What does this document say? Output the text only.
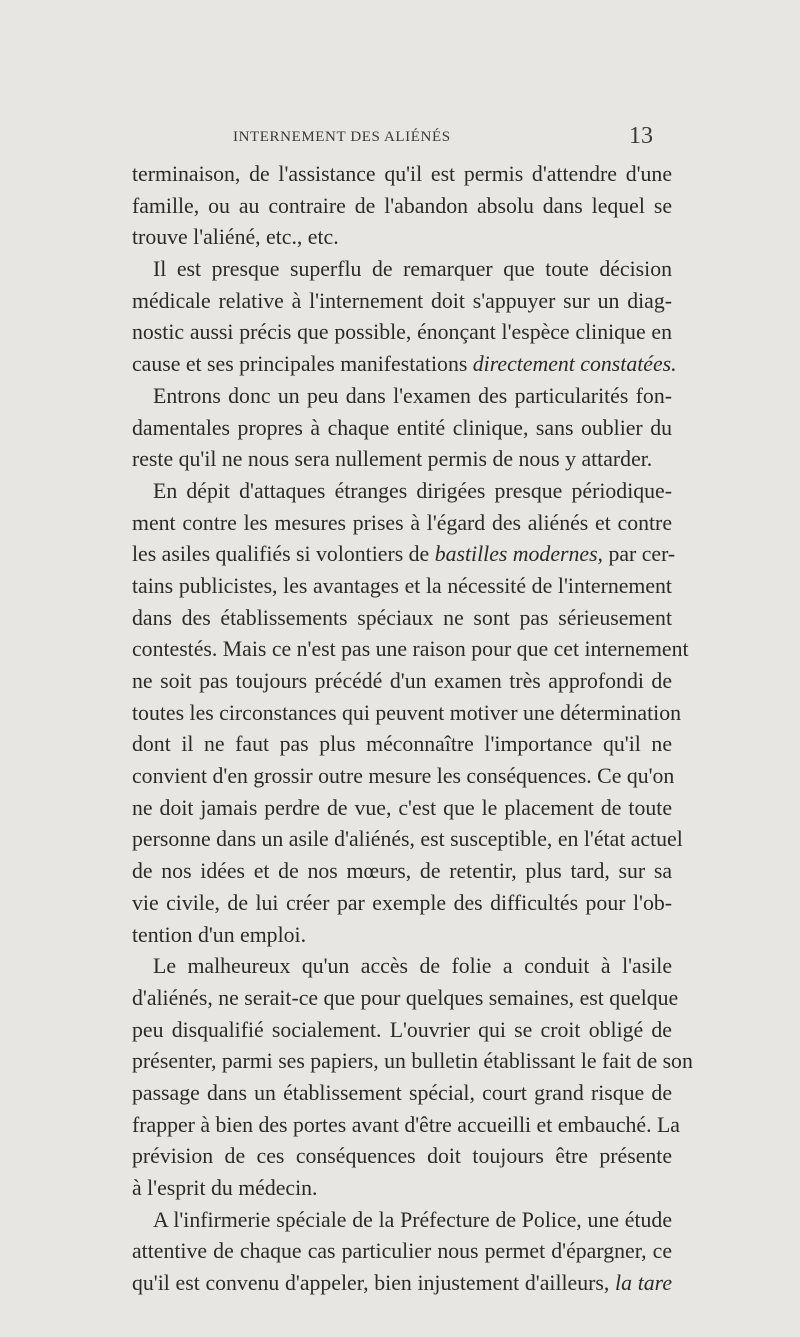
INTERNEMENT DES ALIÉNÉS	13
terminaison, de l'assistance qu'il est permis d'attendre d'une
famille, ou au contraire de l'abandon absolu dans lequel se
trouve l'aliéné, etc., etc.
Il est presque superflu de remarquer que toute décision
médicale relative à l'internement doit s'appuyer sur un diag-
nostic aussi précis que possible, énonçant l'espèce clinique en
cause et ses principales manifestations directement constatées.
Entrons donc un peu dans l'examen des particularités fon-
damentales propres à chaque entité clinique, sans oublier du
reste qu'il ne nous sera nullement permis de nous y attarder.
En dépit d'attaques étranges dirigées presque périodique-
ment contre les mesures prises à l'égard des aliénés et contre
les asiles qualifiés si volontiers de bastilles modernes, par cer-
tains publicistes, les avantages et la nécessité de l'internement
dans des établissements spéciaux ne sont pas sérieusement
contestés. Mais ce n'est pas une raison pour que cet internement
ne soit pas toujours précédé d'un examen très approfondi de
toutes les circonstances qui peuvent motiver une détermination
dont il ne faut pas plus méconnaître l'importance qu'il ne
convient d'en grossir outre mesure les conséquences. Ce qu'on
ne doit jamais perdre de vue, c'est que le placement de toute
personne dans un asile d'aliénés, est susceptible, en l'état actuel
de nos idées et de nos mœurs, de retentir, plus tard, sur sa
vie civile, de lui créer par exemple des difficultés pour l'ob-
tention d'un emploi.
Le malheureux qu'un accès de folie a conduit à l'asile
d'aliénés, ne serait-ce que pour quelques semaines, est quelque
peu disqualifié socialement. L'ouvrier qui se croit obligé de
présenter, parmi ses papiers, un bulletin établissant le fait de son
passage dans un établissement spécial, court grand risque de
frapper à bien des portes avant d'être accueilli et embauché. La
prévision de ces conséquences doit toujours être présente
à l'esprit du médecin.
A l'infirmerie spéciale de la Préfecture de Police, une étude
attentive de chaque cas particulier nous permet d'épargner, ce
qu'il est convenu d'appeler, bien injustement d'ailleurs, la tare
